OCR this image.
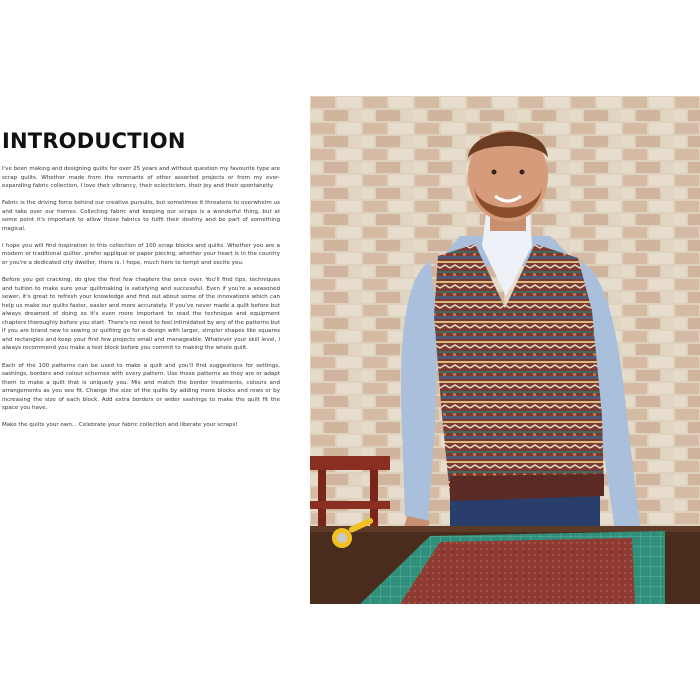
INTRODUCTION

I've been making and designing quilts for over 25 years and without question my favourite type are scrap quilts. Whether made from the remnants of other assorted projects or from my ever-expanding fabric collection, I love their vibrancy, their eclecticism, their joy and their spontaneity.

Fabric is the driving force behind our creative pursuits, but sometimes it threatens to overwhelm us and take over our homes. Collecting fabric and keeping our scraps is a wonderful thing, but at some point it's important to allow those fabrics to fulfil their destiny and be part of something magical.

I hope you will find inspiration in this collection of 100 scrap blocks and quilts. Whether you are a modern or traditional quilter, prefer appliqué or paper piecing, whether your heart is in the country or you're a dedicated city dweller, there is, I hope, much here to tempt and excite you.

Before you get cracking, do give the first few chapters the once over. You'll find tips, techniques and tuition to make sure your quiltmaking is satisfying and successful. Even if you're a seasoned sewer, it's great to refresh your knowledge and find out about some of the innovations which can help us make our quilts faster, easier and more accurately. If you've never made a quilt before but always dreamed of doing so it's even more important to read the technique and equipment chapters thoroughly before you start. There's no need to feel intimidated by any of the patterns but if you are brand new to sewing or quilting go for a design with larger, simpler shapes like squares and rectangles and keep your first few projects small and manageable. Whatever your skill level, I always recommend you make a test block before you commit to making the whole quilt.

Each of the 100 patterns can be used to make a quilt and you'll find suggestions for settings, sashings, borders and colour schemes with every pattern. Use these patterns as they are or adapt them to make a quilt that is uniquely you. Mix and match the border treatments, colours and arrangements as you see fit. Change the size of the quilts by adding more blocks and rows or by increasing the size of each block. Add extra borders or wider sashings to make the quilt fit the space you have.

Make the quilts your own... Celebrate your fabric collection and liberate your scraps!
